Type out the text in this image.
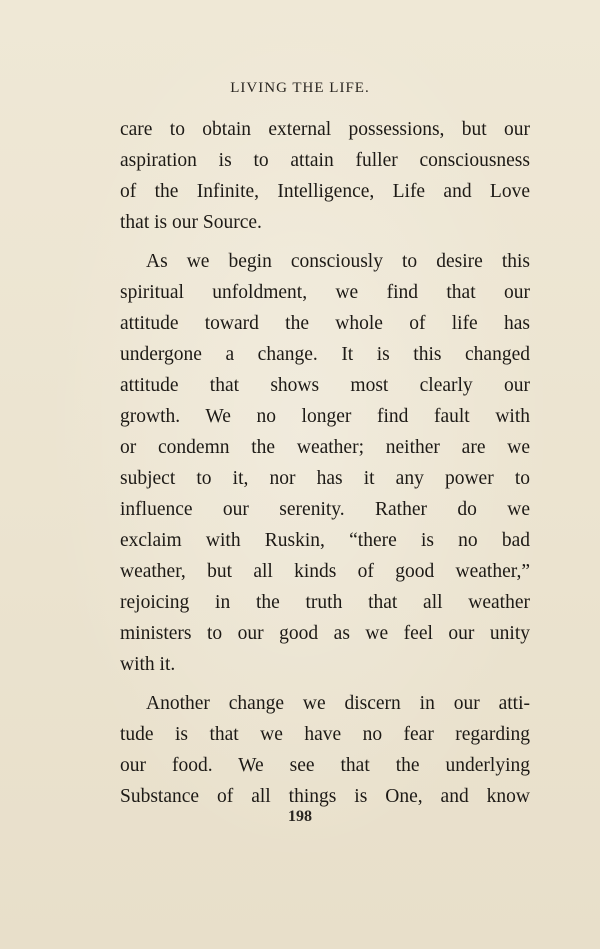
LIVING THE LIFE.
care to obtain external possessions, but our
aspiration is to attain fuller consciousness
of the Infinite, Intelligence, Life and Love
that is our Source.
As we begin consciously to desire this
spiritual unfoldment, we find that our
attitude toward the whole of life has
undergone a change. It is this changed
attitude that shows most clearly our
growth. We no longer find fault with
or condemn the weather; neither are we
subject to it, nor has it any power to
influence our serenity. Rather do we
exclaim with Ruskin, “there is no bad
weather, but all kinds of good weather,”
rejoicing in the truth that all weather
ministers to our good as we feel our unity
with it.
Another change we discern in our atti-
tude is that we have no fear regarding
our food. We see that the underlying
Substance of all things is One, and know
198
